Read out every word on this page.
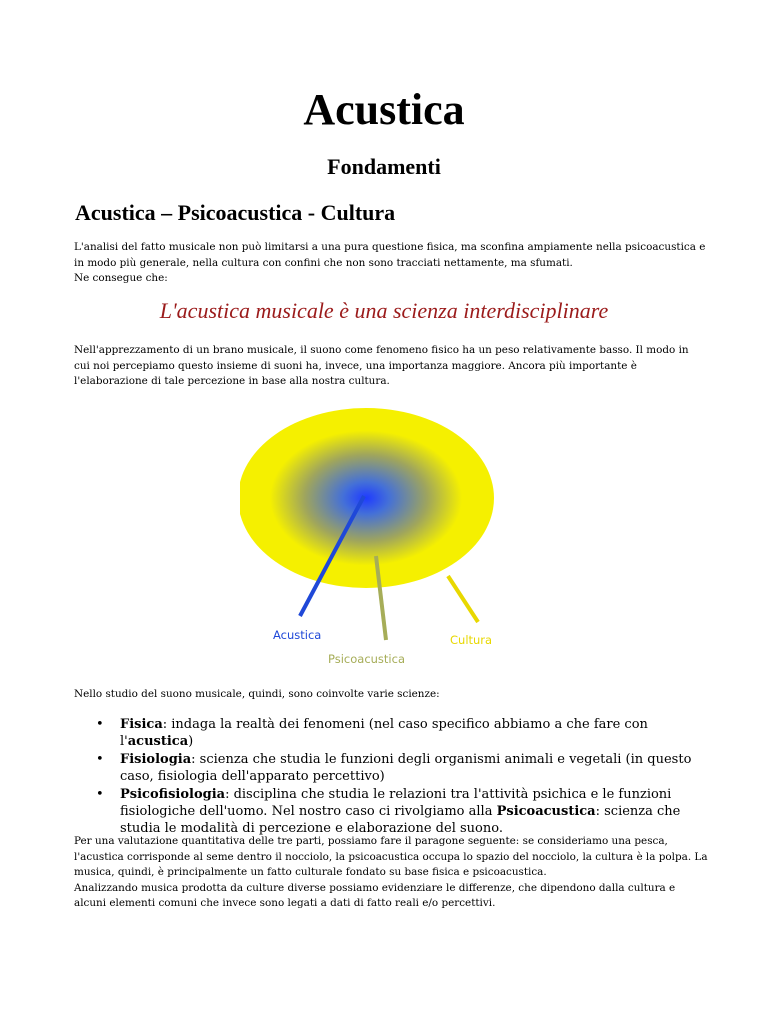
Acustica
Fondamenti
Acustica – Psicoacustica - Cultura

L'analisi del fatto musicale non può limitarsi a una pura questione fisica, ma sconfina ampiamente nella psicoacustica e
in modo più generale, nella cultura con confini che non sono tracciati nettamente, ma sfumati.
Ne consegue che:

L'acustica musicale è una scienza interdisciplinare

Nell'apprezzamento di un brano musicale, il suono come fenomeno fisico ha un peso relativamente basso. Il modo in
cui noi percepiamo questo insieme di suoni ha, invece, una importanza maggiore. Ancora più importante è
l'elaborazione di tale percezione in base alla nostra cultura.

Acustica
Psicoacustica
Cultura

Nello studio del suono musicale, quindi, sono coinvolte varie scienze:

• Fisica: indaga la realtà dei fenomeni (nel caso specifico abbiamo a che fare con l'acustica)
• Fisiologia: scienza che studia le funzioni degli organismi animali e vegetali (in questo caso, fisiologia dell'apparato percettivo)
• Psicofisiologia: disciplina che studia le relazioni tra l'attività psichica e le funzioni fisiologiche dell'uomo. Nel nostro caso ci rivolgiamo alla Psicoacustica: scienza che studia le modalità di percezione e elaborazione del suono.

Per una valutazione quantitativa delle tre parti, possiamo fare il paragone seguente: se consideriamo una pesca,
l'acustica corrisponde al seme dentro il nocciolo, la psicoacustica occupa lo spazio del nocciolo, la cultura è la polpa. La
musica, quindi, è principalmente un fatto culturale fondato su base fisica e psicoacustica.
Analizzando musica prodotta da culture diverse possiamo evidenziare le differenze, che dipendono dalla cultura e
alcuni elementi comuni che invece sono legati a dati di fatto reali e/o percettivi.
